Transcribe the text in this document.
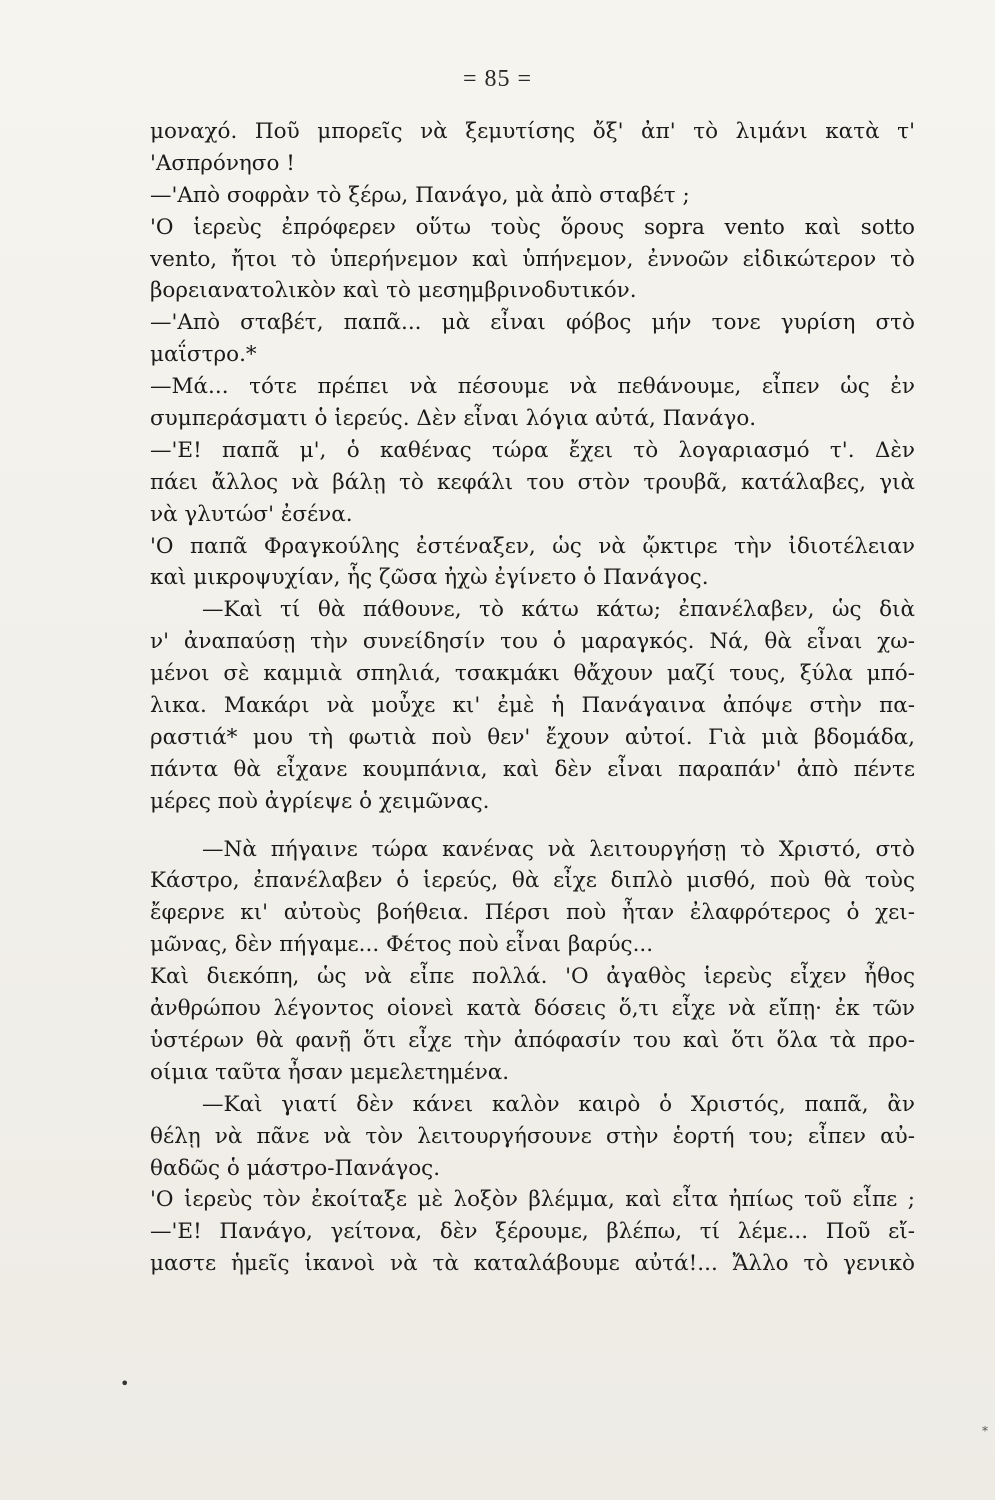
= 85 =
μοναχό. Ποῦ μπορεῖς νὰ ξεμυτίσης ὄξ' ἀπ' τὸ λιμάνι κατὰ τ'
'Ασπρόνησο !
—'Απὸ σοφρὰν τὸ ξέρω, Πανάγο, μὰ ἀπὸ σταβέτ ;
'Ο ἱερεὺς ἐπρόφερεν οὕτω τοὺς ὅρους sopra vento καὶ sotto
vento, ἤτοι τὸ ὑπερήνεμον καὶ ὑπήνεμον, ἐννοῶν εἰδικώτερον τὸ
βορειανατολικὸν καὶ τὸ μεσημβρινοδυτικόν.
—'Απὸ σταβέτ, παπᾶ... μὰ εἶναι φόβος μήν τονε γυρίση στὸ
μαΐστρο.*
—Μά... τότε πρέπει νὰ πέσουμε νὰ πεθάνουμε, εἶπεν ὡς ἐν
συμπεράσματι ὁ ἱερεύς. Δὲν εἶναι λόγια αὐτά, Πανάγο.
—'Ε! παπᾶ μ', ὁ καθένας τώρα ἔχει τὸ λογαριασμό τ'. Δὲν
πάει ἄλλος νὰ βάλῃ τὸ κεφάλι του στὸν τρουβᾶ, κατάλαβες, γιὰ
νὰ γλυτώσ' ἐσένα.
'Ο παπᾶ Φραγκούλης ἐστέναξεν, ὡς νὰ ᾤκτιρε τὴν ἰδιοτέλειαν
καὶ μικροψυχίαν, ἧς ζῶσα ἠχὼ ἐγίνετο ὁ Πανάγος.
—Καὶ τί θὰ πάθουνε, τὸ κάτω κάτω; ἐπανέλαβεν, ὡς διὰ
ν' ἀναπαύσῃ τὴν συνείδησίν του ὁ μαραγκός. Νά, θὰ εἶναι χω-
μένοι σὲ καμμιὰ σπηλιά, τσακμάκι θἄχουν μαζί τους, ξύλα μπό-
λικα. Μακάρι νὰ μοὖχε κι' ἐμὲ ἡ Πανάγαινα ἀπόψε στὴν πα-
ραστιά* μου τὴ φωτιὰ ποὺ θεν' ἔχουν αὐτοί. Γιὰ μιὰ βδομάδα,
πάντα θὰ εἶχανε κουμπάνια, καὶ δὲν εἶναι παραπάν' ἀπὸ πέντε
μέρες ποὺ ἀγρίεψε ὁ χειμῶνας.
—Νὰ πήγαινε τώρα κανένας νὰ λειτουργήσῃ τὸ Χριστό, στὸ
Κάστρο, ἐπανέλαβεν ὁ ἱερεύς, θὰ εἶχε διπλὸ μισθό, ποὺ θὰ τοὺς
ἔφερνε κι' αὐτοὺς βοήθεια. Πέρσι ποὺ ἦταν ἐλαφρότερος ὁ χει-
μῶνας, δὲν πήγαμε... Φέτος ποὺ εἶναι βαρύς...
Καὶ διεκόπη, ὡς νὰ εἶπε πολλά. 'Ο ἀγαθὸς ἱερεὺς εἶχεν ἦθος
ἀνθρώπου λέγοντος οἱονεὶ κατὰ δόσεις ὅ,τι εἶχε νὰ εἴπῃ· ἐκ τῶν
ὑστέρων θὰ φανῇ ὅτι εἶχε τὴν ἀπόφασίν του καὶ ὅτι ὅλα τὰ προ-
οίμια ταῦτα ἦσαν μεμελετημένα.
—Καὶ γιατί δὲν κάνει καλὸν καιρὸ ὁ Χριστός, παπᾶ, ἂν
θέλῃ νὰ πᾶνε νὰ τὸν λειτουργήσουνε στὴν ἑορτή του; εἶπεν αὐ-
θαδῶς ὁ μάστρο-Πανάγος.
'Ο ἱερεὺς τὸν ἐκοίταξε μὲ λοξὸν βλέμμα, καὶ εἶτα ἠπίως τοῦ εἶπε ;
—'Ε! Πανάγο, γείτονα, δὲν ξέρουμε, βλέπω, τί λέμε... Ποῦ εἴ-
μαστε ἡμεῖς ἱκανοὶ νὰ τὰ καταλάβουμε αὐτά!... Ἄλλο τὸ γενικὸ
•
⁎
